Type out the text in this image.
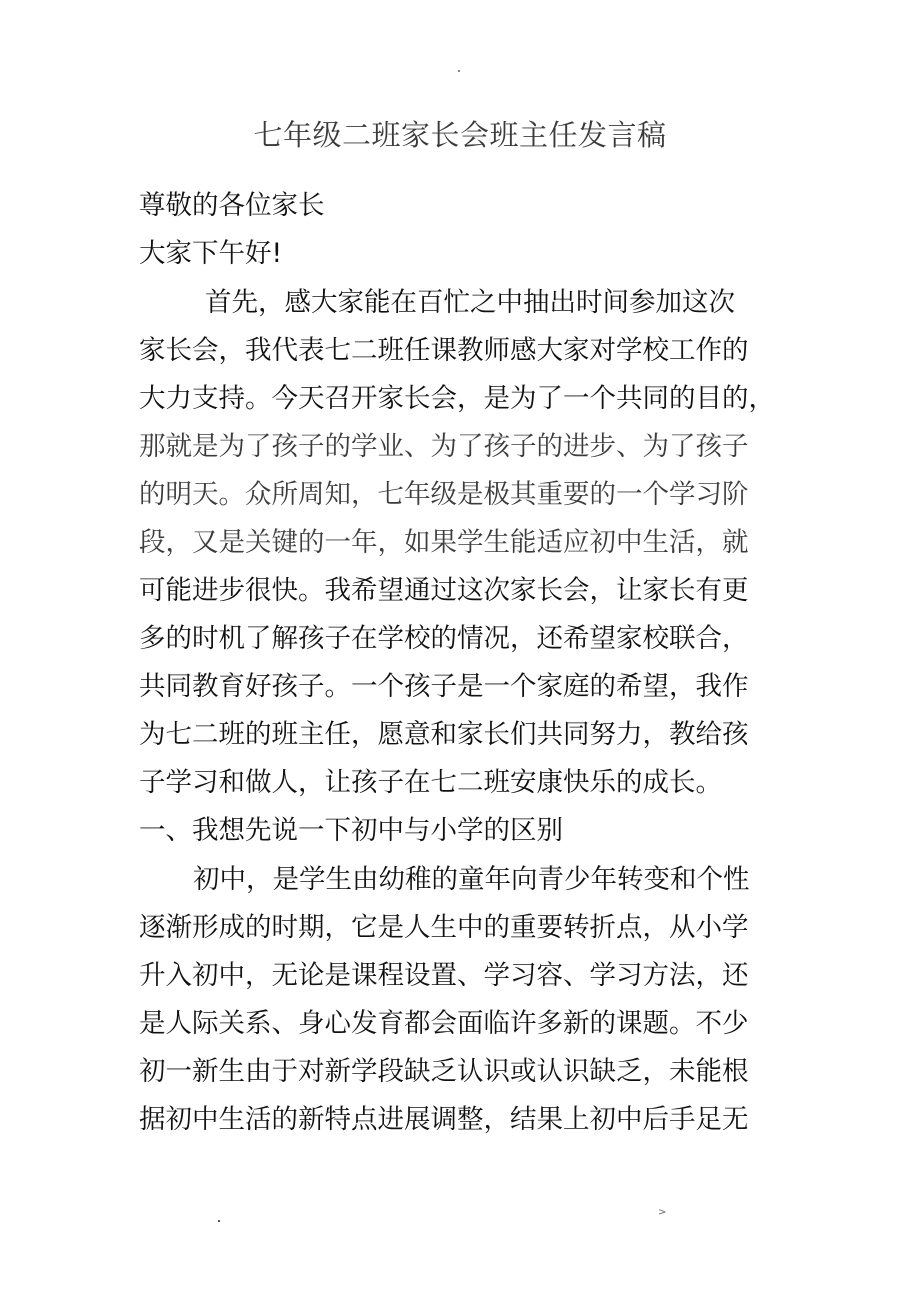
七年级二班家长会班主任发言稿
尊敬的各位家长
大家下午好!
首先，感大家能在百忙之中抽出时间参加这次
家长会，我代表七二班任课教师感大家对学校工作的
大力支持。今天召开家长会，是为了一个共同的目的，
那就是为了孩子的学业、为了孩子的进步、为了孩子
的明天。众所周知，七年级是极其重要的一个学习阶
段，又是关键的一年，如果学生能适应初中生活，就
可能进步很快。我希望通过这次家长会，让家长有更
多的时机了解孩子在学校的情况，还希望家校联合，
共同教育好孩子。一个孩子是一个家庭的希望，我作
为七二班的班主任，愿意和家长们共同努力，教给孩
子学习和做人，让孩子在七二班安康快乐的成长。
一、我想先说一下初中与小学的区别
初中，是学生由幼稚的童年向青少年转变和个性
逐渐形成的时期，它是人生中的重要转折点，从小学
升入初中，无论是课程设置、学习容、学习方法，还
是人际关系、身心发育都会面临许多新的课题。不少
初一新生由于对新学段缺乏认识或认识缺乏，未能根
据初中生活的新特点进展调整，结果上初中后手足无
>
